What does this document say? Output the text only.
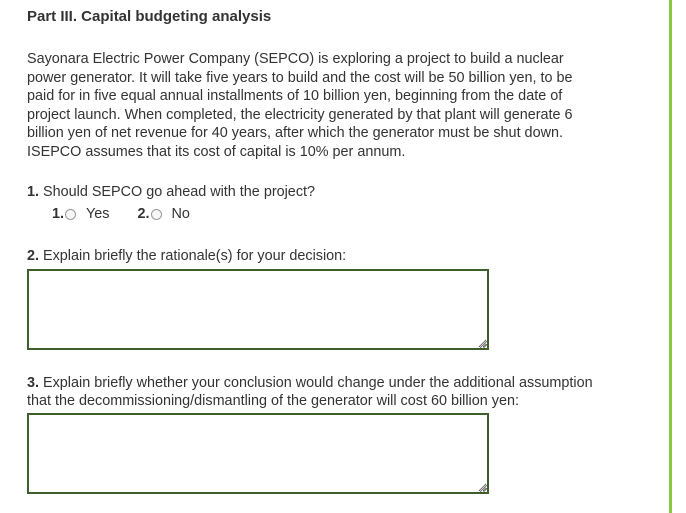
Part III. Capital budgeting analysis
Sayonara Electric Power Company (SEPCO) is exploring a project to build a nuclear
power generator. It will take five years to build and the cost will be 50 billion yen, to be
paid for in five equal annual installments of 10 billion yen, beginning from the date of
project launch. When completed, the electricity generated by that plant will generate 6
billion yen of net revenue for 40 years, after which the generator must be shut down.
ISEPCO assumes that its cost of capital is 10% per annum.
1. Should SEPCO go ahead with the project?
1. Yes 2. No
2. Explain briefly the rationale(s) for your decision:
3. Explain briefly whether your conclusion would change under the additional assumption
that the decommissioning/dismantling of the generator will cost 60 billion yen:
